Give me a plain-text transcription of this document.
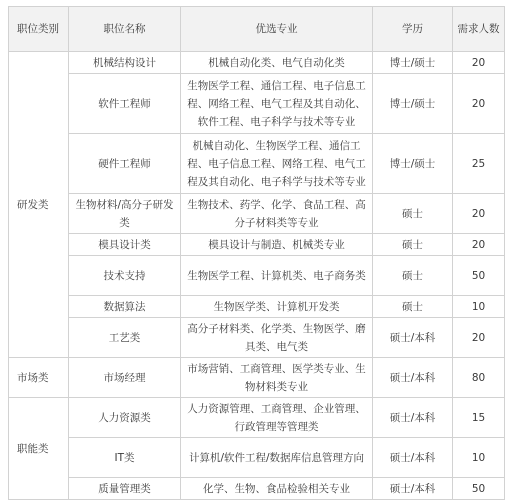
职位类别	职位名称	优选专业	学历	需求人数
研发类	机械结构设计	机械自动化类、电气自动化类	博士/硕士	20
	软件工程师	生物医学工程、通信工程、电子信息工程、网络工程、电气工程及其自动化、软件工程、电子科学与技术等专业	博士/硕士	20
	硬件工程师	机械自动化、生物医学工程、通信工程、电子信息工程、网络工程、电气工程及其自动化、电子科学与技术等专业	博士/硕士	25
	生物材料/高分子研发类	生物技术、药学、化学、食品工程、高分子材料类等专业	硕士	20
	模具设计类	模具设计与制造、机械类专业	硕士	20
	技术支持	生物医学工程、计算机类、电子商务类	硕士	50
	数据算法	生物医学类、计算机开发类	硕士	10
	工艺类	高分子材料类、化学类、生物医学、磨具类、电气类	硕士/本科	20
市场类	市场经理	市场营销、工商管理、医学类专业、生物材料类专业	硕士/本科	80
职能类	人力资源类	人力资源管理、工商管理、企业管理、行政管理等管理类	硕士/本科	15
	IT类	计算机/软件工程/数据库信息管理方向	硕士/本科	10
	质量管理类	化学、生物、食品检验相关专业	硕士/本科	50
